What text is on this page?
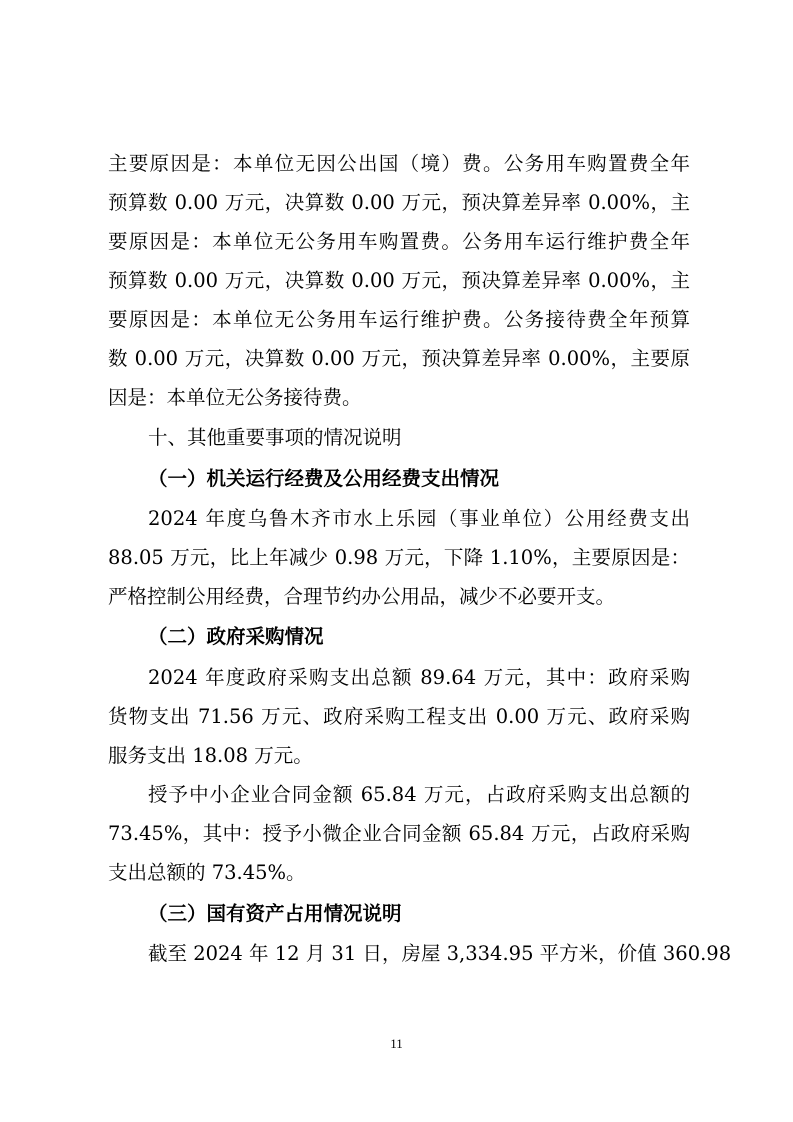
主要原因是：本单位无因公出国（境）费。公务用车购置费全年
预算数 0.00 万元，决算数 0.00 万元，预决算差异率 0.00%，主
要原因是：本单位无公务用车购置费。公务用车运行维护费全年
预算数 0.00 万元，决算数 0.00 万元，预决算差异率 0.00%，主
要原因是：本单位无公务用车运行维护费。公务接待费全年预算
数 0.00 万元，决算数 0.00 万元，预决算差异率 0.00%，主要原
因是：本单位无公务接待费。
十、其他重要事项的情况说明
（一）机关运行经费及公用经费支出情况
2024 年度乌鲁木齐市水上乐园（事业单位）公用经费支出
88.05 万元，比上年减少 0.98 万元，下降 1.10%，主要原因是：
严格控制公用经费，合理节约办公用品，减少不必要开支。
（二）政府采购情况
2024 年度政府采购支出总额 89.64 万元，其中：政府采购
货物支出 71.56 万元、政府采购工程支出 0.00 万元、政府采购
服务支出 18.08 万元。
授予中小企业合同金额 65.84 万元，占政府采购支出总额的
73.45%，其中：授予小微企业合同金额 65.84 万元，占政府采购
支出总额的 73.45%。
（三）国有资产占用情况说明
截至 2024 年 12 月 31 日，房屋 3,334.95 平方米，价值 360.98
11
